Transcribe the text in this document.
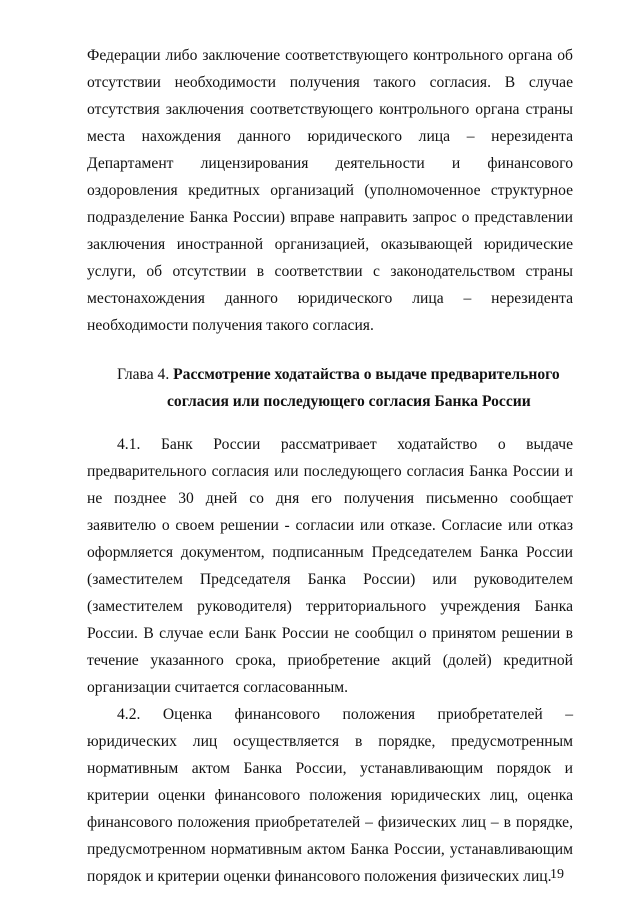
Федерации либо заключение соответствующего контрольного органа об отсутствии необходимости получения такого согласия. В случае отсутствия заключения соответствующего контрольного органа страны места нахождения данного юридического лица – нерезидента Департамент лицензирования деятельности и финансового оздоровления кредитных организаций (уполномоченное структурное подразделение Банка России) вправе направить запрос о представлении заключения иностранной организацией, оказывающей юридические услуги, об отсутствии в соответствии с законодательством страны местонахождения данного юридического лица – нерезидента необходимости получения такого согласия.

Глава 4. Рассмотрение ходатайства о выдаче предварительного
согласия или последующего согласия Банка России

4.1. Банк России рассматривает ходатайство о выдаче предварительного согласия или последующего согласия Банка России и не позднее 30 дней со дня его получения письменно сообщает заявителю о своем решении - согласии или отказе. Согласие или отказ оформляется документом, подписанным Председателем Банка России (заместителем Председателя Банка России) или руководителем (заместителем руководителя) территориального учреждения Банка России. В случае если Банк России не сообщил о принятом решении в течение указанного срока, приобретение акций (долей) кредитной организации считается согласованным.

4.2. Оценка финансового положения приобретателей – юридических лиц осуществляется в порядке, предусмотренным нормативным актом Банка России, устанавливающим порядок и критерии оценки финансового положения юридических лиц, оценка финансового положения приобретателей – физических лиц – в порядке, предусмотренном нормативным актом Банка России, устанавливающим порядок и критерии оценки финансового положения физических лиц.

19
